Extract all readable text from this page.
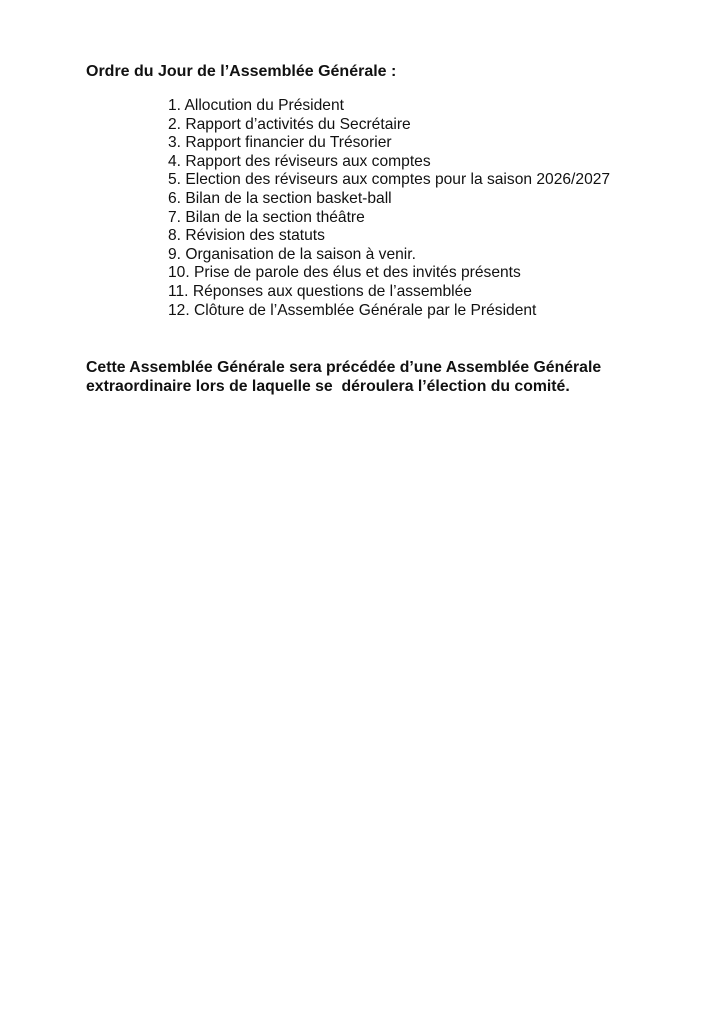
Ordre du Jour de l’Assemblée Générale :
1. Allocution du Président
2. Rapport d’activités du Secrétaire
3. Rapport financier du Trésorier
4. Rapport des réviseurs aux comptes
5. Election des réviseurs aux comptes pour la saison 2026/2027
6. Bilan de la section basket-ball
7. Bilan de la section théâtre
8. Révision des statuts
9. Organisation de la saison à venir.
10. Prise de parole des élus et des invités présents
11. Réponses aux questions de l’assemblée
12. Clôture de l’Assemblée Générale par le Président
Cette Assemblée Générale sera précédée d’une Assemblée Générale
extraordinaire lors de laquelle se  déroulera l’élection du comité.
